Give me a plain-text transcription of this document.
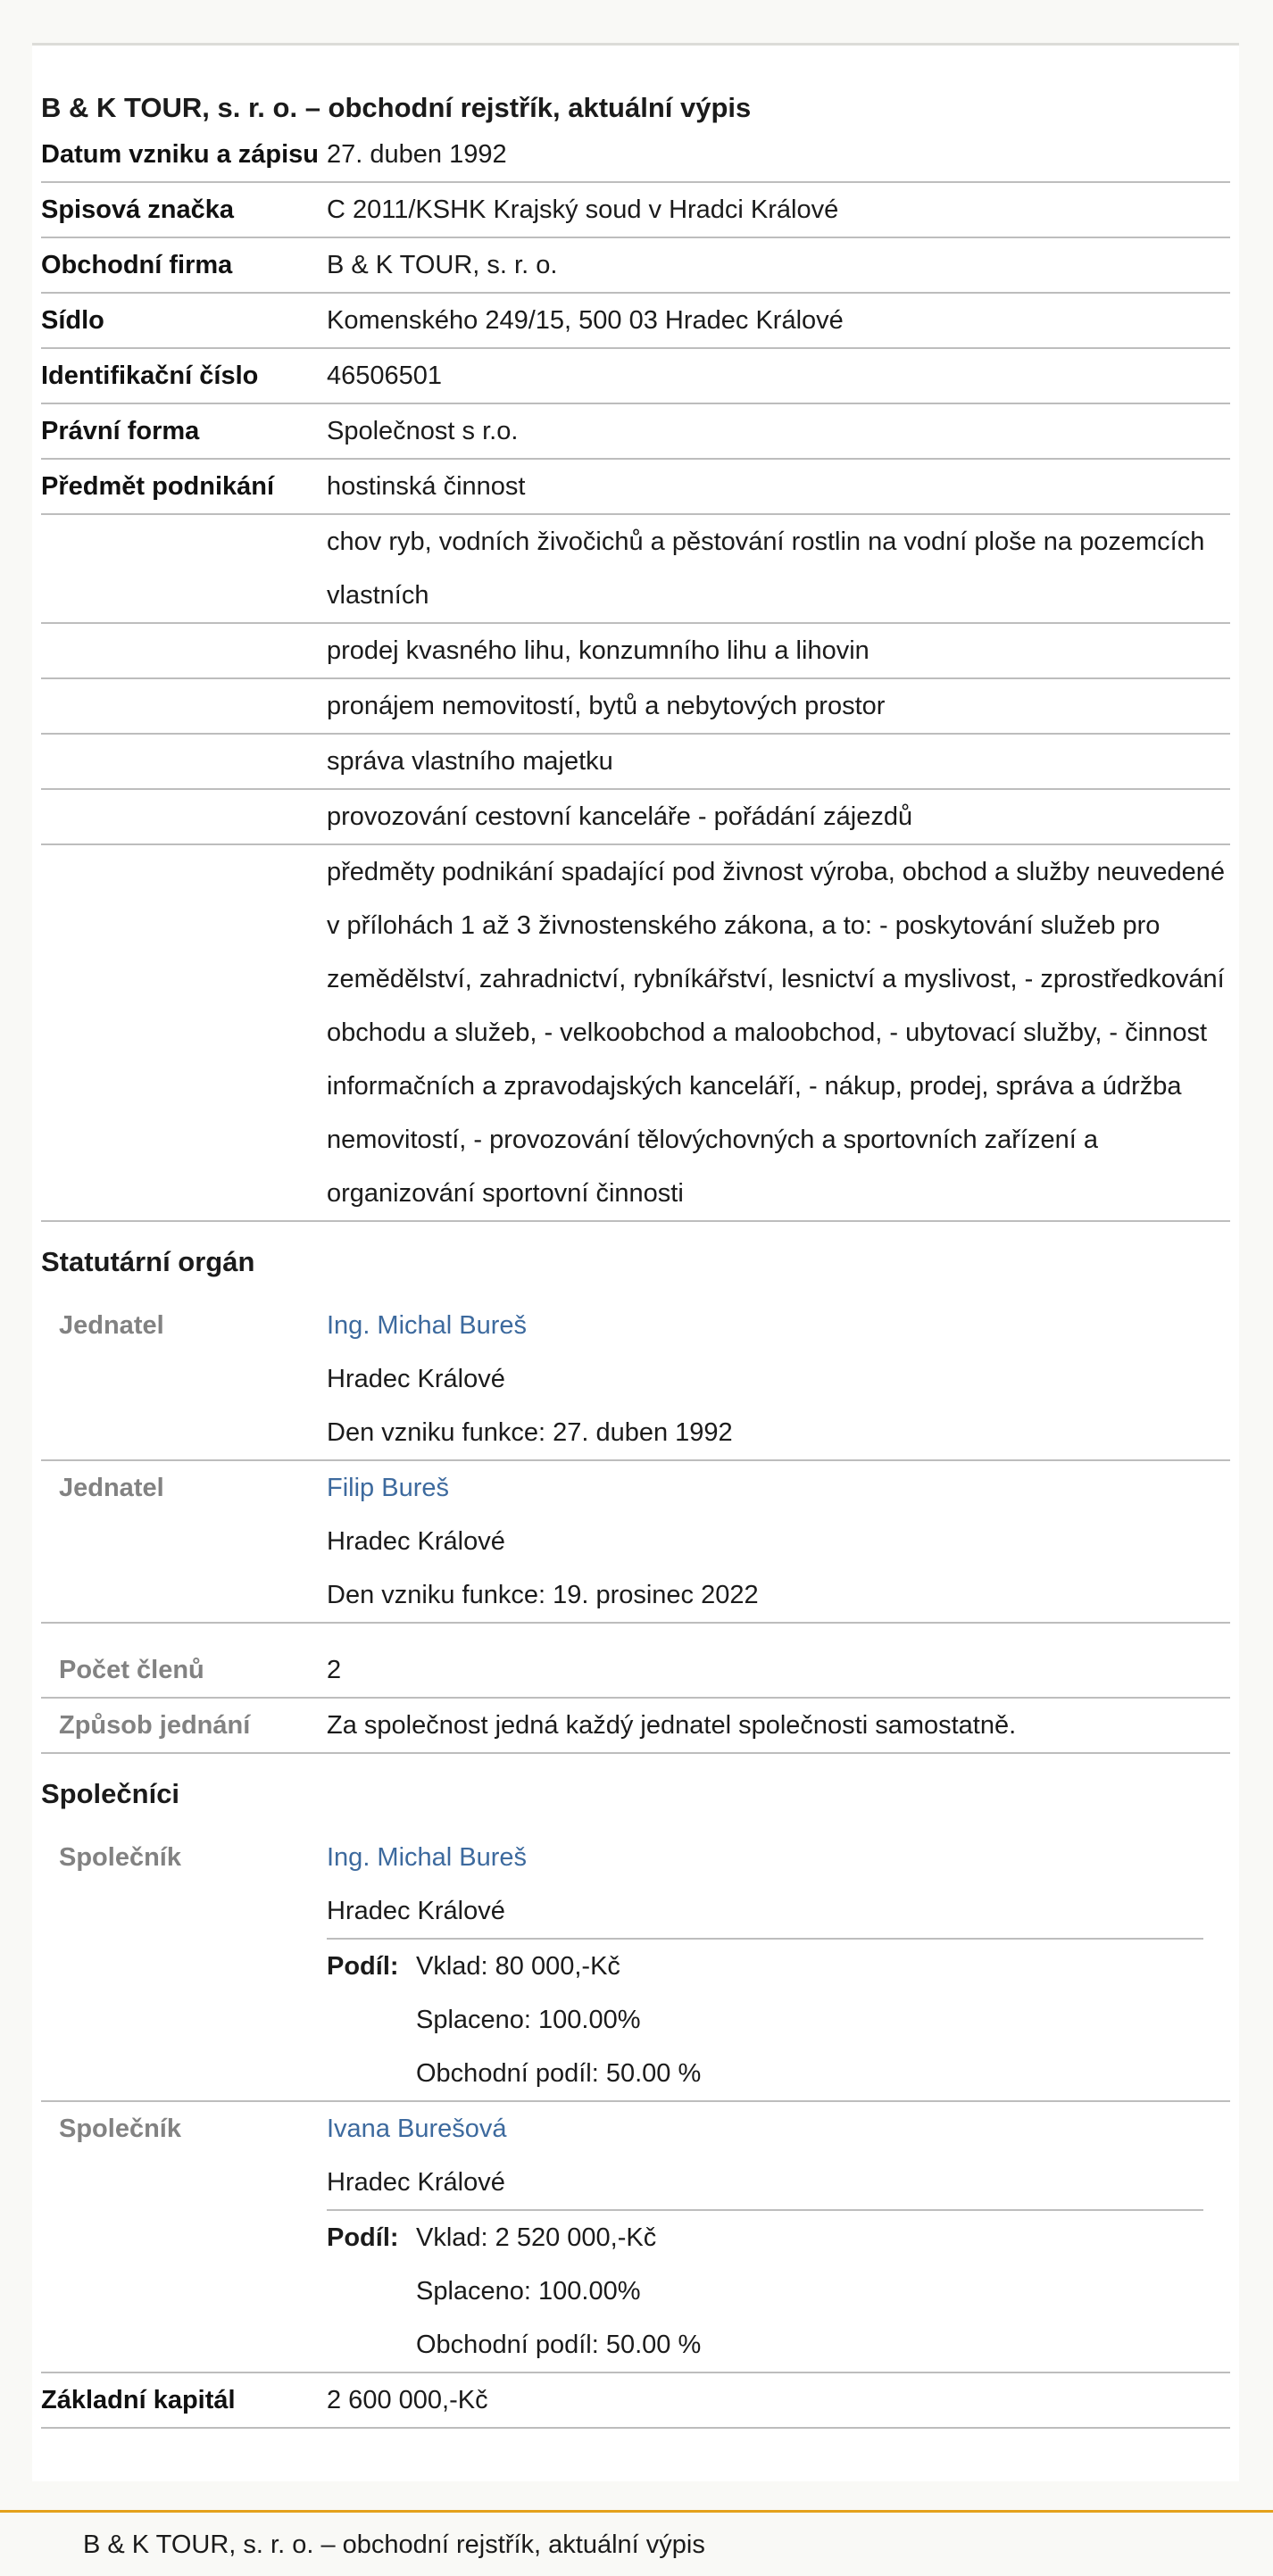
B & K TOUR, s. r. o. – obchodní rejstřík, aktuální výpis
Datum vzniku a zápisu 27. duben 1992
Spisová značka	C 2011/KSHK Krajský soud v Hradci Králové
Obchodní firma	B & K TOUR, s. r. o.
Sídlo	Komenského 249/15, 500 03 Hradec Králové
Identifikační číslo	46506501
Právní forma	Společnost s r.o.
Předmět podnikání	hostinská činnost
chov ryb, vodních živočichů a pěstování rostlin na vodní ploše na pozemcích vlastních
prodej kvasného lihu, konzumního lihu a lihovin
pronájem nemovitostí, bytů a nebytových prostor
správa vlastního majetku
provozování cestovní kanceláře - pořádání zájezdů
předměty podnikání spadající pod živnost výroba, obchod a služby neuvedené v přílohách 1 až 3 živnostenského zákona, a to: - poskytování služeb pro zemědělství, zahradnictví, rybníkářství, lesnictví a myslivost, - zprostředkování obchodu a služeb, - velkoobchod a maloobchod, - ubytovací služby, - činnost informačních a zpravodajských kanceláří, - nákup, prodej, správa a údržba nemovitostí, - provozování tělovýchovných a sportovních zařízení a organizování sportovní činnosti
Statutární orgán
Jednatel	Ing. Michal Bureš
Hradec Králové
Den vzniku funkce: 27. duben 1992
Jednatel	Filip Bureš
Hradec Králové
Den vzniku funkce: 19. prosinec 2022
Počet členů	2
Způsob jednání	Za společnost jedná každý jednatel společnosti samostatně.
Společníci
Společník	Ing. Michal Bureš
Hradec Králové
Podíl: Vklad: 80 000,-Kč
Splaceno: 100.00%
Obchodní podíl: 50.00 %
Společník	Ivana Burešová
Hradec Králové
Podíl: Vklad: 2 520 000,-Kč
Splaceno: 100.00%
Obchodní podíl: 50.00 %
Základní kapitál	2 600 000,-Kč
B & K TOUR, s. r. o. – obchodní rejstřík, aktuální výpis
